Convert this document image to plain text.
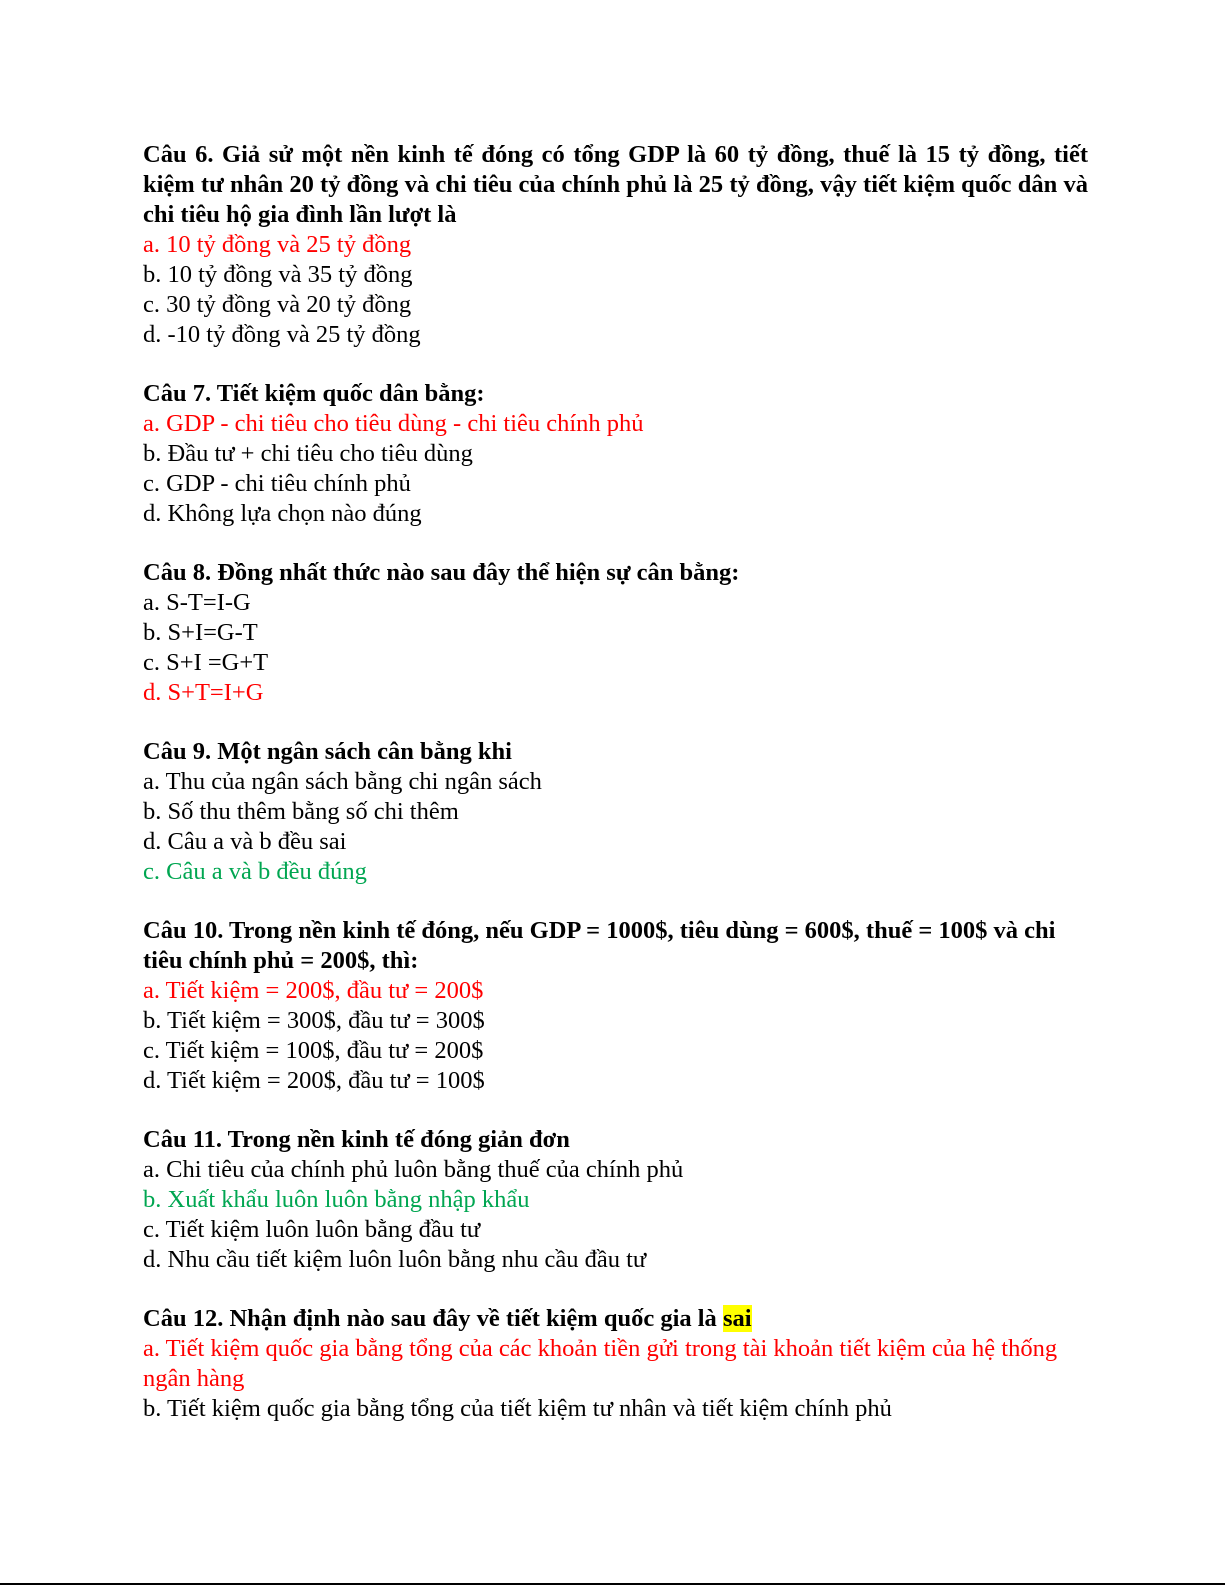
Câu 6. Giả sử một nền kinh tế đóng có tổng GDP là 60 tỷ đồng, thuế là 15 tỷ đồng, tiết kiệm tư nhân 20 tỷ đồng và chi tiêu của chính phủ là 25 tỷ đồng, vậy tiết kiệm quốc dân và chi tiêu hộ gia đình lần lượt là

a. 10 tỷ đồng và 25 tỷ đồng

b. 10 tỷ đồng và 35 tỷ đồng

c. 30 tỷ đồng và 20 tỷ đồng

d. -10 tỷ đồng và 25 tỷ đồng

Câu 7. Tiết kiệm quốc dân bằng:

a. GDP - chi tiêu cho tiêu dùng - chi tiêu chính phủ

b. Đầu tư + chi tiêu cho tiêu dùng

c. GDP - chi tiêu chính phủ

d. Không lựa chọn nào đúng

Câu 8. Đồng nhất thức nào sau đây thể hiện sự cân bằng:

a. S-T=I-G

b. S+I=G-T

c. S+I =G+T

d. S+T=I+G

Câu 9. Một ngân sách cân bằng khi

a. Thu của ngân sách bằng chi ngân sách

b. Số thu thêm bằng số chi thêm

d. Câu a và b đều sai

c. Câu a và b đều đúng

Câu 10. Trong nền kinh tế đóng, nếu GDP = 1000$, tiêu dùng = 600$, thuế = 100$ và chi tiêu chính phủ = 200$, thì:

a. Tiết kiệm = 200$, đầu tư = 200$

b. Tiết kiệm = 300$, đầu tư = 300$

c. Tiết kiệm = 100$, đầu tư = 200$

d. Tiết kiệm = 200$, đầu tư = 100$

Câu 11. Trong nền kinh tế đóng giản đơn

a. Chi tiêu của chính phủ luôn bằng thuế của chính phủ

b. Xuất khẩu luôn luôn bằng nhập khẩu

c. Tiết kiệm luôn luôn bằng đầu tư

d. Nhu cầu tiết kiệm luôn luôn bằng nhu cầu đầu tư

Câu 12. Nhận định nào sau đây về tiết kiệm quốc gia là sai

a. Tiết kiệm quốc gia bằng tổng của các khoản tiền gửi trong tài khoản tiết kiệm của hệ thống ngân hàng

b. Tiết kiệm quốc gia bằng tổng của tiết kiệm tư nhân và tiết kiệm chính phủ
